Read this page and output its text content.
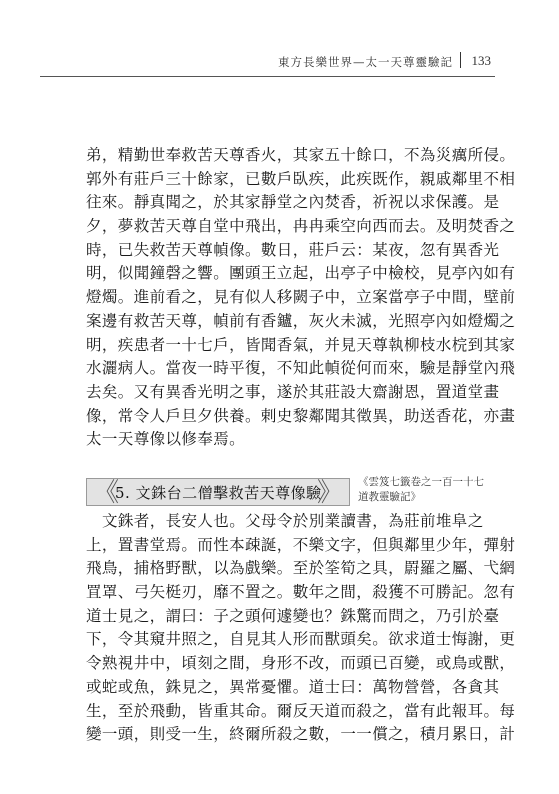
東方長樂世界—太一天尊靈驗記 133
弟，精勤世奉救苦天尊香火，其家五十餘口，不為災癘所侵。
郭外有莊戶三十餘家，已數戶臥疾，此疾既作，親戚鄰里不相
往來。靜真聞之，於其家靜堂之內焚香，祈祝以求保護。是
夕，夢救苦天尊自堂中飛出，冉冉乘空向西而去。及明焚香之
時，已失救苦天尊幀像。數日，莊戶云：某夜，忽有異香光
明，似聞鐘磬之響。團頭王立起，出亭子中檢校，見亭內如有
燈燭。進前看之，見有似人移闕子中，立案當亭子中間，壁前
案邊有救苦天尊，幀前有香鑪，灰火未滅，光照亭內如燈燭之
明，疾患者一十七戶，皆聞香氣，并見天尊執柳枝水梡到其家
水灑病人。當夜一時平復，不知此幀從何而來，驗是靜堂內飛
去矣。又有異香光明之事，遂於其莊設大齋謝恩，置道堂畫
像，常令人戶旦夕供養。剌史黎鄰聞其徵異，助送香花，亦畫
太一天尊像以修奉焉。
《
5. 文銖台二僧擊救苦天尊像驗
》 《雲笈七籤卷之一百一十七
道教靈驗記》
文銖者，長安人也。父母令於別業讀書，為莊前堆阜之
上，置書堂焉。而性本疎誕，不樂文字，但與鄰里少年，彈射
飛鳥，捕格野獸，以為戲樂。至於筌筍之具，罻羅之屬、弋網
罝罩、弓矢梃刃，靡不置之。數年之間，殺獲不可勝記。忽有
道士見之，謂曰：子之頭何遽變也？銖驚而問之，乃引於臺
下，令其窺井照之，自見其人形而獸頭矣。欲求道士悔謝，更
令熟視井中，頃刻之間，身形不改，而頭已百變，或鳥或獸，
或蛇或魚，銖見之，異常憂懼。道士曰：萬物營營，各貪其
生，至於飛動，皆重其命。爾反天道而殺之，當有此報耳。每
變一頭，則受一生，終爾所殺之數，一一償之，積月累日，計
